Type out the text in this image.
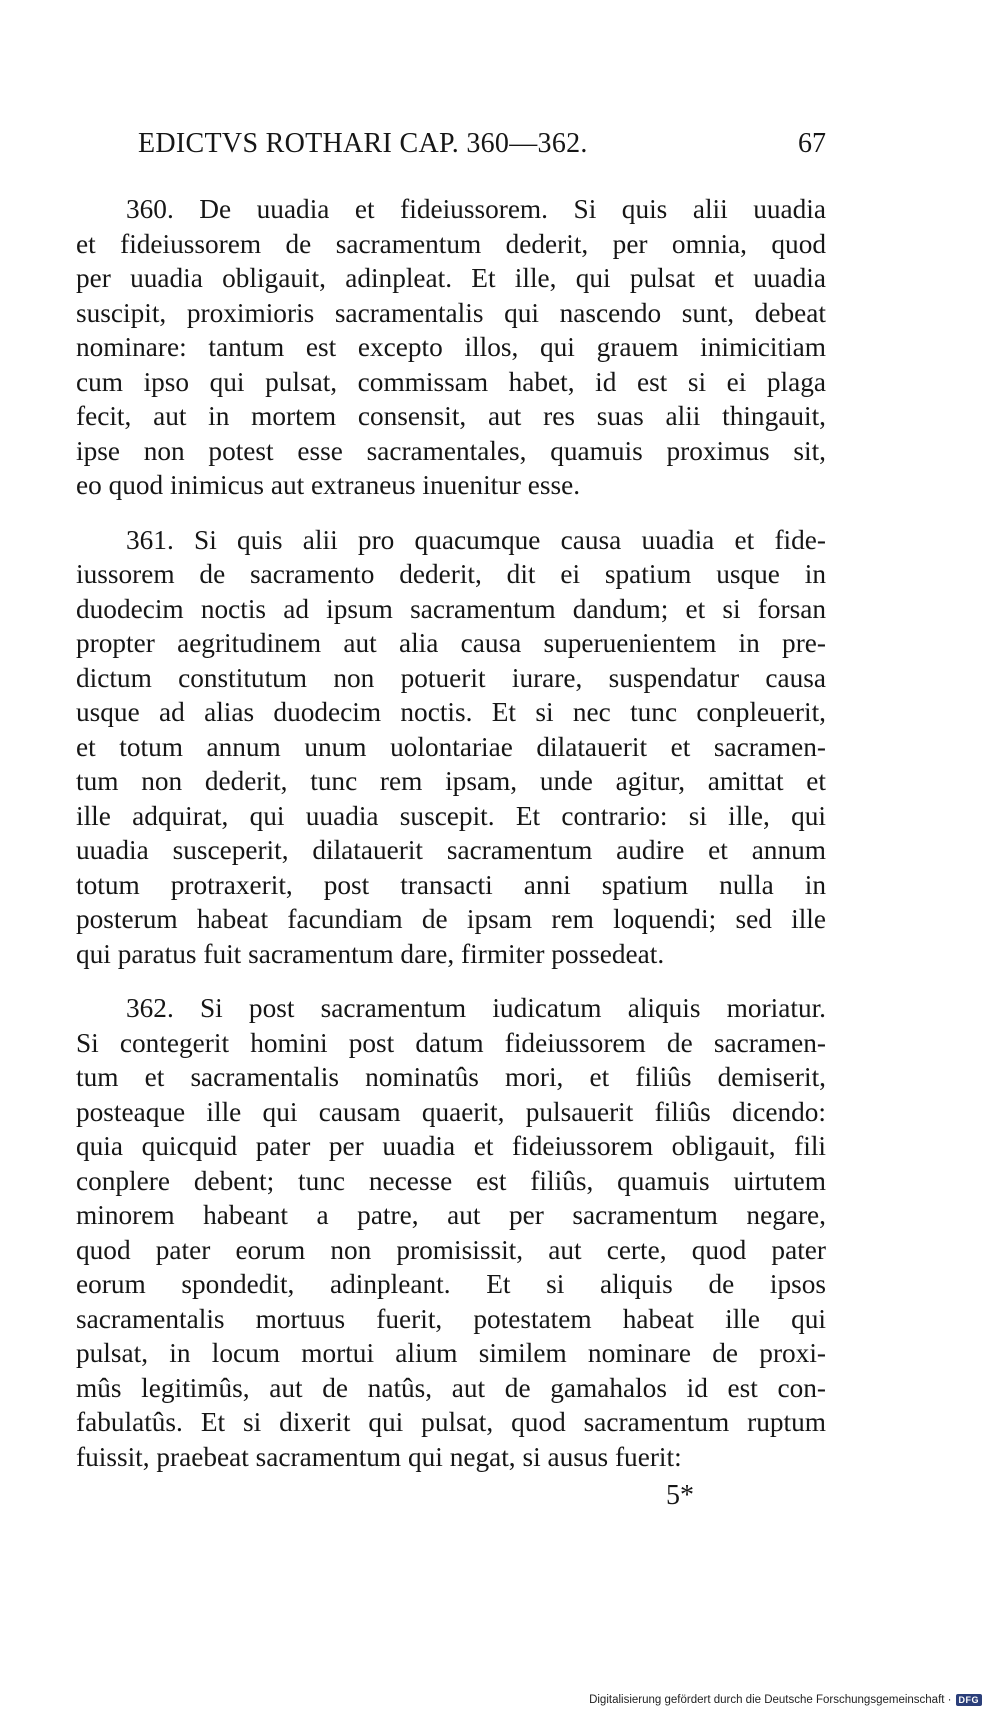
EDICTVS ROTHARI CAP. 360—362.	67
360. De uuadia et fideiussorem. Si quis alii uuadia
et fideiussorem de sacramentum dederit, per omnia, quod
per uuadia obligauit, adinpleat. Et ille, qui pulsat et uuadia
suscipit, proximioris sacramentalis qui nascendo sunt, debeat
nominare: tantum est excepto illos, qui grauem inimicitiam
cum ipso qui pulsat, commissam habet, id est si ei plaga
fecit, aut in mortem consensit, aut res suas alii thingauit,
ipse non potest esse sacramentales, quamuis proximus sit,
eo quod inimicus aut extraneus inuenitur esse.
361. Si quis alii pro quacumque causa uuadia et fide-
iussorem de sacramento dederit, dit ei spatium usque in
duodecim noctis ad ipsum sacramentum dandum; et si forsan
propter aegritudinem aut alia causa superuenientem in pre-
dictum constitutum non potuerit iurare, suspendatur causa
usque ad alias duodecim noctis. Et si nec tunc conpleuerit,
et totum annum unum uolontariae dilatauerit et sacramen-
tum non dederit, tunc rem ipsam, unde agitur, amittat et
ille adquirat, qui uuadia suscepit. Et contrario: si ille, qui
uuadia susceperit, dilatauerit sacramentum audire et annum
totum protraxerit, post transacti anni spatium nulla in
posterum habeat facundiam de ipsam rem loquendi; sed ille
qui paratus fuit sacramentum dare, firmiter possedeat.
362. Si post sacramentum iudicatum aliquis moriatur.
Si contegerit homini post datum fideiussorem de sacramen-
tum et sacramentalis nominatûs mori, et filiûs demiserit,
posteaque ille qui causam quaerit, pulsauerit filiûs dicendo:
quia quicquid pater per uuadia et fideiussorem obligauit, fili
conplere debent; tunc necesse est filiûs, quamuis uirtutem
minorem habeant a patre, aut per sacramentum negare,
quod pater eorum non promisissit, aut certe, quod pater
eorum spondedit, adinpleant. Et si aliquis de ipsos
sacramentalis mortuus fuerit, potestatem habeat ille qui
pulsat, in locum mortui alium similem nominare de proxi-
mûs legitimûs, aut de natûs, aut de gamahalos id est con-
fabulatûs. Et si dixerit qui pulsat, quod sacramentum ruptum
fuissit, praebeat sacramentum qui negat, si ausus fuerit:
5*
Digitalisierung gefördert durch die Deutsche Forschungsgemeinschaft · DFG
